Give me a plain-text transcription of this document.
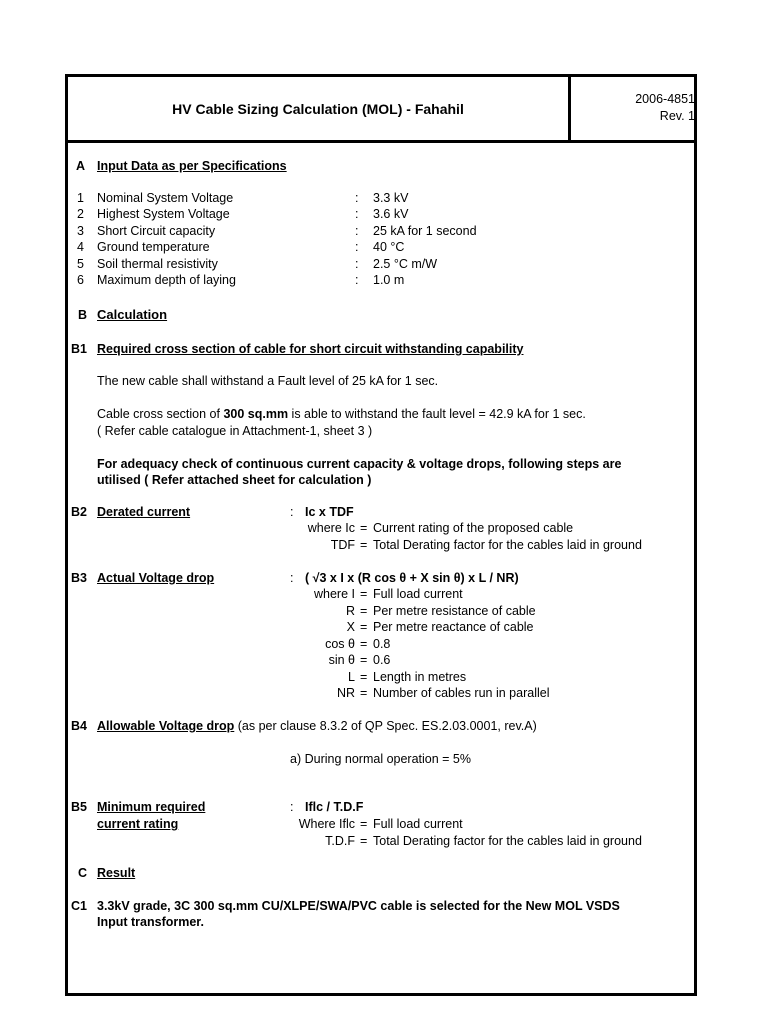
HV Cable Sizing Calculation (MOL) - Fahahil
2006-4851
Rev. 1
A Input Data as per Specifications
1 Nominal System Voltage	: 3.3 kV
2 Highest System Voltage	: 3.6 kV
3 Short Circuit capacity	: 25 kA for 1 second
4 Ground temperature	: 40 °C
5 Soil thermal resistivity	: 2.5 °C m/W
6 Maximum depth of laying	: 1.0 m
B Calculation
B1 Required cross section of cable for short circuit withstanding capability
The new cable shall withstand a Fault level of 25 kA for 1 sec.
Cable cross section of 300 sq.mm is able to withstand the fault level = 42.9 kA for 1 sec.
( Refer cable catalogue in Attachment-1, sheet 3 )
For adequacy check of continuous current capacity & voltage drops, following steps are
utilised ( Refer attached sheet for calculation )
B2 Derated current	: Ic x TDF
where Ic = Current rating of the proposed cable
TDF = Total Derating factor for the cables laid in ground
B3 Actual Voltage drop	: ( √3 x I x (R cos θ + X sin θ) x L / NR)
where I = Full load current
R = Per metre resistance of cable
X = Per metre reactance of cable
cos θ = 0.8
sin θ = 0.6
L = Length in metres
NR = Number of cables run in parallel
B4 Allowable Voltage drop (as per clause 8.3.2 of QP Spec. ES.2.03.0001, rev.A)
a) During normal operation = 5%
B5 Minimum required
current rating
: Iflc / T.D.F
Where Iflc = Full load current
T.D.F = Total Derating factor for the cables laid in ground
C Result
C1 3.3kV grade, 3C 300 sq.mm CU/XLPE/SWA/PVC cable is selected for the New MOL VSDS
Input transformer.
